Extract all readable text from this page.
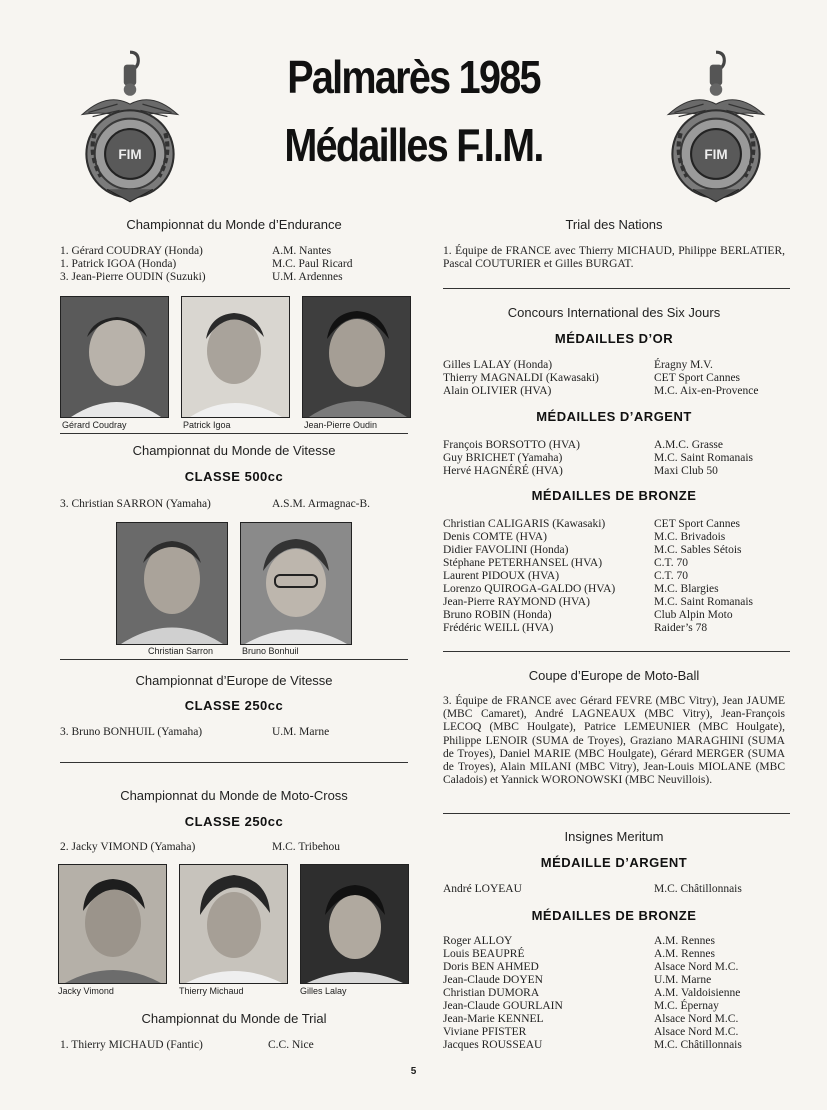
FIM	FIM
Palmarès 1985
Médailles F.I.M.
Championnat du Monde d’Endurance
1. Gérard COUDRAY (Honda)	A.M. Nantes
1. Patrick IGOA (Honda)	M.C. Paul Ricard
3. Jean-Pierre OUDIN (Suzuki)	U.M. Ardennes
Gérard Coudray	Patrick Igoa	Jean-Pierre Oudin
Championnat du Monde de Vitesse
CLASSE 500cc
3. Christian SARRON (Yamaha)	A.S.M. Armagnac-B.
Christian Sarron	Bruno Bonhuil
Championnat d’Europe de Vitesse
CLASSE 250cc
3. Bruno BONHUIL (Yamaha)	U.M. Marne
Championnat du Monde de Moto-Cross
CLASSE 250cc
2. Jacky VIMOND (Yamaha)	M.C. Tribehou
Jacky Vimond	Thierry Michaud	Gilles Lalay
Championnat du Monde de Trial
1. Thierry MICHAUD (Fantic)	C.C. Nice
Trial des Nations
1. Équipe de FRANCE avec Thierry MICHAUD, Philippe BERLATIER, Pascal COUTURIER et Gilles BURGAT.
Concours International des Six Jours
MÉDAILLES D’OR
Gilles LALAY (Honda)	Éragny M.V.
Thierry MAGNALDI (Kawasaki)	CET Sport Cannes
Alain OLIVIER (HVA)	M.C. Aix-en-Provence
MÉDAILLES D’ARGENT
François BORSOTTO (HVA)	A.M.C. Grasse
Guy BRICHET (Yamaha)	M.C. Saint Romanais
Hervé HAGNÉRÉ (HVA)	Maxi Club 50
MÉDAILLES DE BRONZE
Christian CALIGARIS (Kawasaki)	CET Sport Cannes
Denis COMTE (HVA)	M.C. Brivadois
Didier FAVOLINI (Honda)	M.C. Sables Sétois
Stéphane PETERHANSEL (HVA)	C.T. 70
Laurent PIDOUX (HVA)	C.T. 70
Lorenzo QUIROGA-GALDO (HVA)	M.C. Blargies
Jean-Pierre RAYMOND (HVA)	M.C. Saint Romanais
Bruno ROBIN (Honda)	Club Alpin Moto
Frédéric WEILL (HVA)	Raider’s 78
Coupe d’Europe de Moto-Ball
3. Équipe de FRANCE avec Gérard FEVRE (MBC Vitry), Jean JAUME (MBC Camaret), André LAGNEAUX (MBC Vitry), Jean-François LECOQ (MBC Houlgate), Patrice LEMEUNIER (MBC Houlgate), Philippe LENOIR (SUMA de Troyes), Graziano MARAGHINI (SUMA de Troyes), Daniel MARIE (MBC Houlgate), Gérard MERGER (SUMA de Troyes), Alain MILANI (MBC Vitry), Jean-Louis MIOLANE (MBC Caladois) et Yannick WORONOWSKI (MBC Neuvillois).
Insignes Meritum
MÉDAILLE D’ARGENT
André LOYEAU	M.C. Châtillonnais
MÉDAILLES DE BRONZE
Roger ALLOY	A.M. Rennes
Louis BEAUPRÉ	A.M. Rennes
Doris BEN AHMED	Alsace Nord M.C.
Jean-Claude DOYEN	U.M. Marne
Christian DUMORA	A.M. Valdoisienne
Jean-Claude GOURLAIN	M.C. Épernay
Jean-Marie KENNEL	Alsace Nord M.C.
Viviane PFISTER	Alsace Nord M.C.
Jacques ROUSSEAU	M.C. Châtillonnais
5
